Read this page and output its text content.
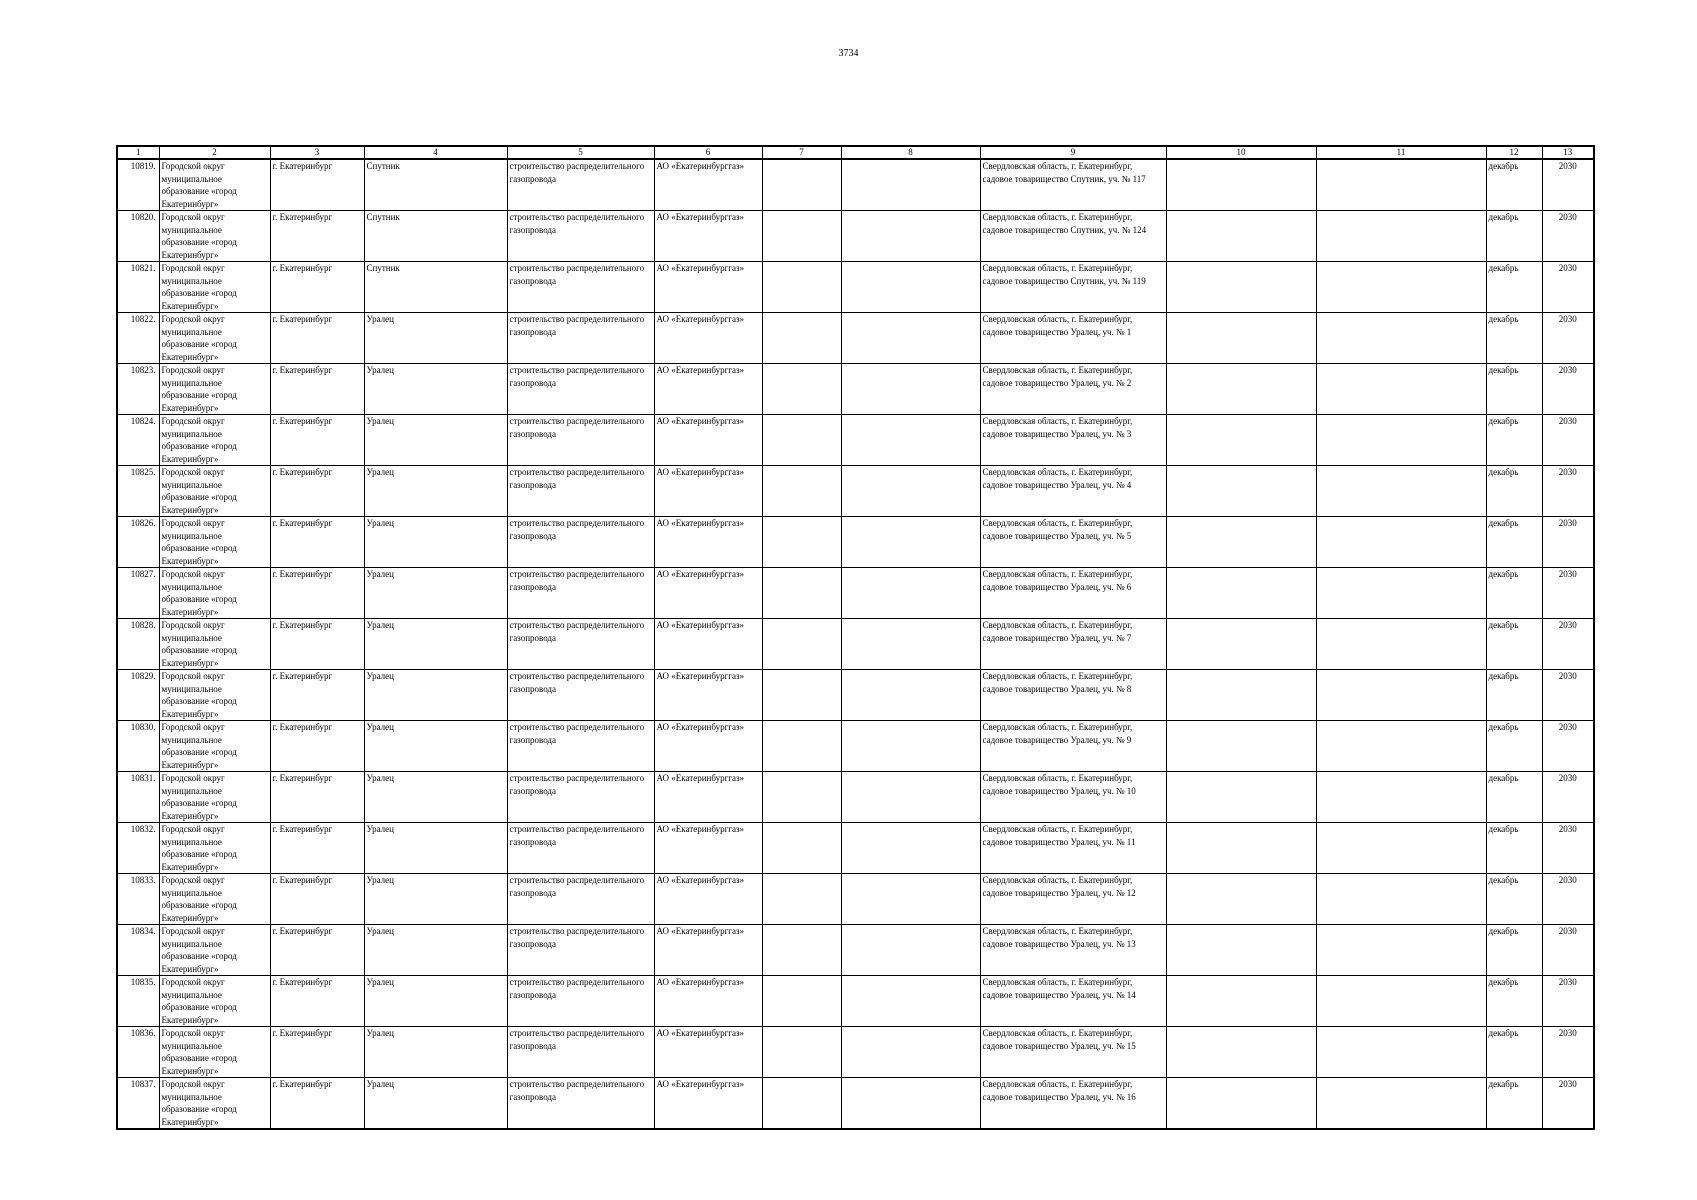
3734
1	2	3	4	5	6	7	8	9	10	11	12	13
10819.	Городской округ
муниципальное
образование «город
Екатеринбург»	г. Екатеринбург	Спутник	строительство распределительного газопровода	АО «Екатеринбурггаз»			Свердловская область, г. Екатеринбург, садовое товарищество Спутник, уч. № 117			декабрь	2030
10820.	Городской округ
муниципальное
образование «город
Екатеринбург»	г. Екатеринбург	Спутник	строительство распределительного газопровода	АО «Екатеринбурггаз»			Свердловская область, г. Екатеринбург, садовое товарищество Спутник, уч. № 124			декабрь	2030
10821.	Городской округ
муниципальное
образование «город
Екатеринбург»	г. Екатеринбург	Спутник	строительство распределительного газопровода	АО «Екатеринбурггаз»			Свердловская область, г. Екатеринбург, садовое товарищество Спутник, уч. № 119			декабрь	2030
10822.	Городской округ
муниципальное
образование «город
Екатеринбург»	г. Екатеринбург	Уралец	строительство распределительного газопровода	АО «Екатеринбурггаз»			Свердловская область, г. Екатеринбург, садовое товарищество Уралец, уч. № 1			декабрь	2030
10823.	Городской округ
муниципальное
образование «город
Екатеринбург»	г. Екатеринбург	Уралец	строительство распределительного газопровода	АО «Екатеринбурггаз»			Свердловская область, г. Екатеринбург, садовое товарищество Уралец, уч. № 2			декабрь	2030
10824.	Городской округ
муниципальное
образование «город
Екатеринбург»	г. Екатеринбург	Уралец	строительство распределительного газопровода	АО «Екатеринбурггаз»			Свердловская область, г. Екатеринбург, садовое товарищество Уралец, уч. № 3			декабрь	2030
10825.	Городской округ
муниципальное
образование «город
Екатеринбург»	г. Екатеринбург	Уралец	строительство распределительного газопровода	АО «Екатеринбурггаз»			Свердловская область, г. Екатеринбург, садовое товарищество Уралец, уч. № 4			декабрь	2030
10826.	Городской округ
муниципальное
образование «город
Екатеринбург»	г. Екатеринбург	Уралец	строительство распределительного газопровода	АО «Екатеринбурггаз»			Свердловская область, г. Екатеринбург, садовое товарищество Уралец, уч. № 5			декабрь	2030
10827.	Городской округ
муниципальное
образование «город
Екатеринбург»	г. Екатеринбург	Уралец	строительство распределительного газопровода	АО «Екатеринбурггаз»			Свердловская область, г. Екатеринбург, садовое товарищество Уралец, уч. № 6			декабрь	2030
10828.	Городской округ
муниципальное
образование «город
Екатеринбург»	г. Екатеринбург	Уралец	строительство распределительного газопровода	АО «Екатеринбурггаз»			Свердловская область, г. Екатеринбург, садовое товарищество Уралец, уч. № 7			декабрь	2030
10829.	Городской округ
муниципальное
образование «город
Екатеринбург»	г. Екатеринбург	Уралец	строительство распределительного газопровода	АО «Екатеринбурггаз»			Свердловская область, г. Екатеринбург, садовое товарищество Уралец, уч. № 8			декабрь	2030
10830.	Городской округ
муниципальное
образование «город
Екатеринбург»	г. Екатеринбург	Уралец	строительство распределительного газопровода	АО «Екатеринбурггаз»			Свердловская область, г. Екатеринбург, садовое товарищество Уралец, уч. № 9			декабрь	2030
10831.	Городской округ
муниципальное
образование «город
Екатеринбург»	г. Екатеринбург	Уралец	строительство распределительного газопровода	АО «Екатеринбурггаз»			Свердловская область, г. Екатеринбург, садовое товарищество Уралец, уч. № 10			декабрь	2030
10832.	Городской округ
муниципальное
образование «город
Екатеринбург»	г. Екатеринбург	Уралец	строительство распределительного газопровода	АО «Екатеринбурггаз»			Свердловская область, г. Екатеринбург, садовое товарищество Уралец, уч. № 11			декабрь	2030
10833.	Городской округ
муниципальное
образование «город
Екатеринбург»	г. Екатеринбург	Уралец	строительство распределительного газопровода	АО «Екатеринбурггаз»			Свердловская область, г. Екатеринбург, садовое товарищество Уралец, уч. № 12			декабрь	2030
10834.	Городской округ
муниципальное
образование «город
Екатеринбург»	г. Екатеринбург	Уралец	строительство распределительного газопровода	АО «Екатеринбурггаз»			Свердловская область, г. Екатеринбург, садовое товарищество Уралец, уч. № 13			декабрь	2030
10835.	Городской округ
муниципальное
образование «город
Екатеринбург»	г. Екатеринбург	Уралец	строительство распределительного газопровода	АО «Екатеринбурггаз»			Свердловская область, г. Екатеринбург, садовое товарищество Уралец, уч. № 14			декабрь	2030
10836.	Городской округ
муниципальное
образование «город
Екатеринбург»	г. Екатеринбург	Уралец	строительство распределительного газопровода	АО «Екатеринбурггаз»			Свердловская область, г. Екатеринбург, садовое товарищество Уралец, уч. № 15			декабрь	2030
10837.	Городской округ
муниципальное
образование «город
Екатеринбург»	г. Екатеринбург	Уралец	строительство распределительного газопровода	АО «Екатеринбурггаз»			Свердловская область, г. Екатеринбург, садовое товарищество Уралец, уч. № 16			декабрь	2030
